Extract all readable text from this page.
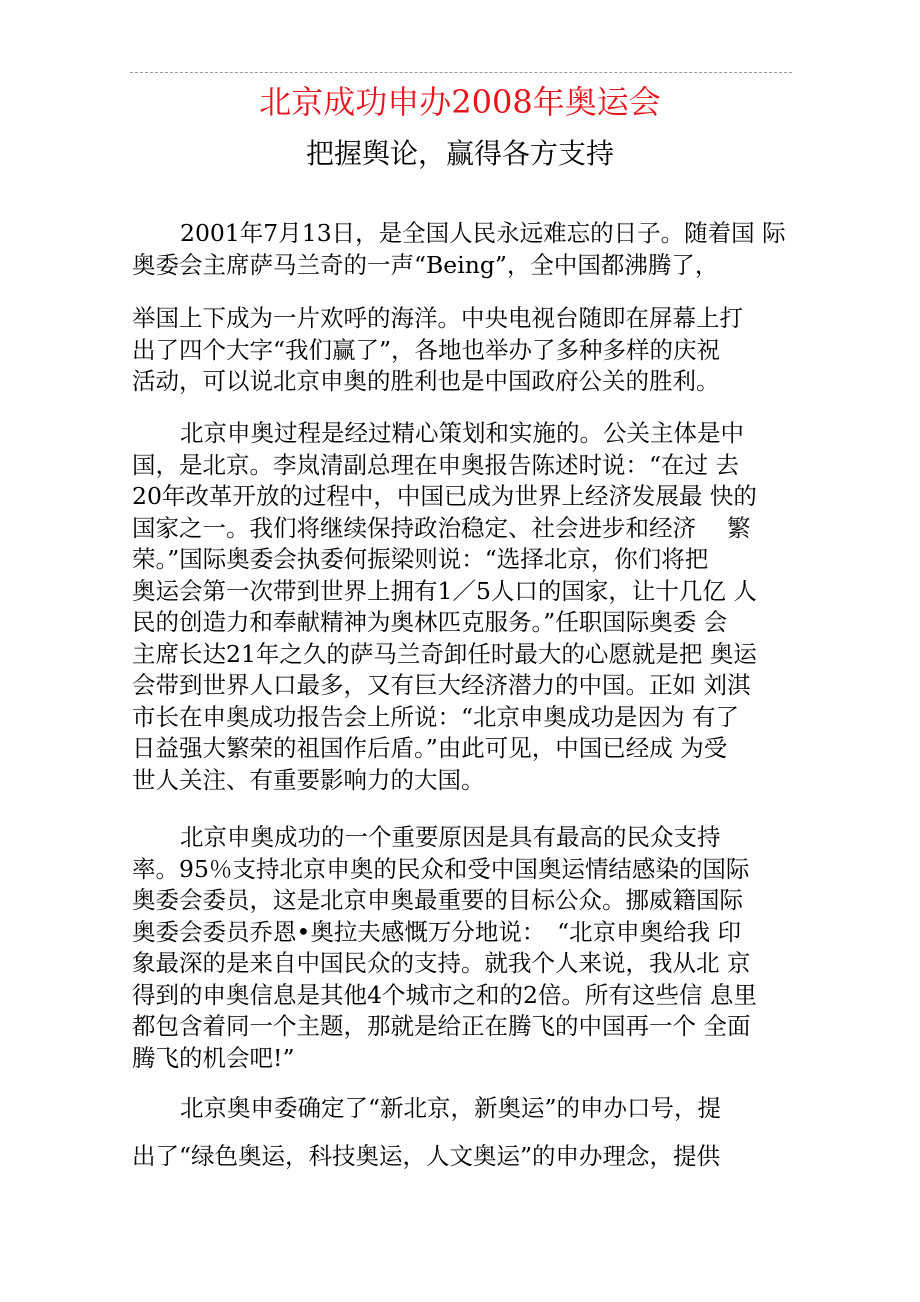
北京成功申办2008年奥运会
把握舆论，赢得各方支持

2001年7月13日，是全国人民永远难忘的日子。随着国 际
奥委会主席萨马兰奇的一声“Being”，全中国都沸腾了，

举国上下成为一片欢呼的海洋。中央电视台随即在屏幕上打
出了四个大字“我们赢了”，各地也举办了多种多样的庆祝
活动，可以说北京申奥的胜利也是中国政府公关的胜利。

北京申奥过程是经过精心策划和实施的。公关主体是中
国，是北京。李岚清副总理在申奥报告陈述时说：“在过 去
20年改革开放的过程中，中国已成为世界上经济发展最 快的
国家之一。我们将继续保持政治稳定、社会进步和经济　 繁
荣。”国际奥委会执委何振梁则说：“选择北京，你们将把
奥运会第一次带到世界上拥有1／5人口的国家，让十几亿 人
民的创造力和奉献精神为奥林匹克服务。”任职国际奥委 会
主席长达21年之久的萨马兰奇卸任时最大的心愿就是把 奥运
会带到世界人口最多，又有巨大经济潜力的中国。正如 刘淇
市长在申奥成功报告会上所说：“北京申奥成功是因为 有了
日益强大繁荣的祖国作后盾。”由此可见，中国已经成 为受
世人关注、有重要影响力的大国。

北京申奥成功的一个重要原因是具有最高的民众支持
率。95％支持北京申奥的民众和受中国奥运情结感染的国际
奥委会委员，这是北京申奥最重要的目标公众。挪威籍国际
奥委会委员乔恩•奥拉夫感慨万分地说：　“北京申奥给我 印
象最深的是来自中国民众的支持。就我个人来说，我从北 京
得到的申奥信息是其他4个城市之和的2倍。所有这些信 息里
都包含着同一个主题，那就是给正在腾飞的中国再一个 全面
腾飞的机会吧!”

北京奥申委确定了“新北京，新奥运”的申办口号，提

出了“绿色奥运，科技奥运，人文奥运”的申办理念，提供
